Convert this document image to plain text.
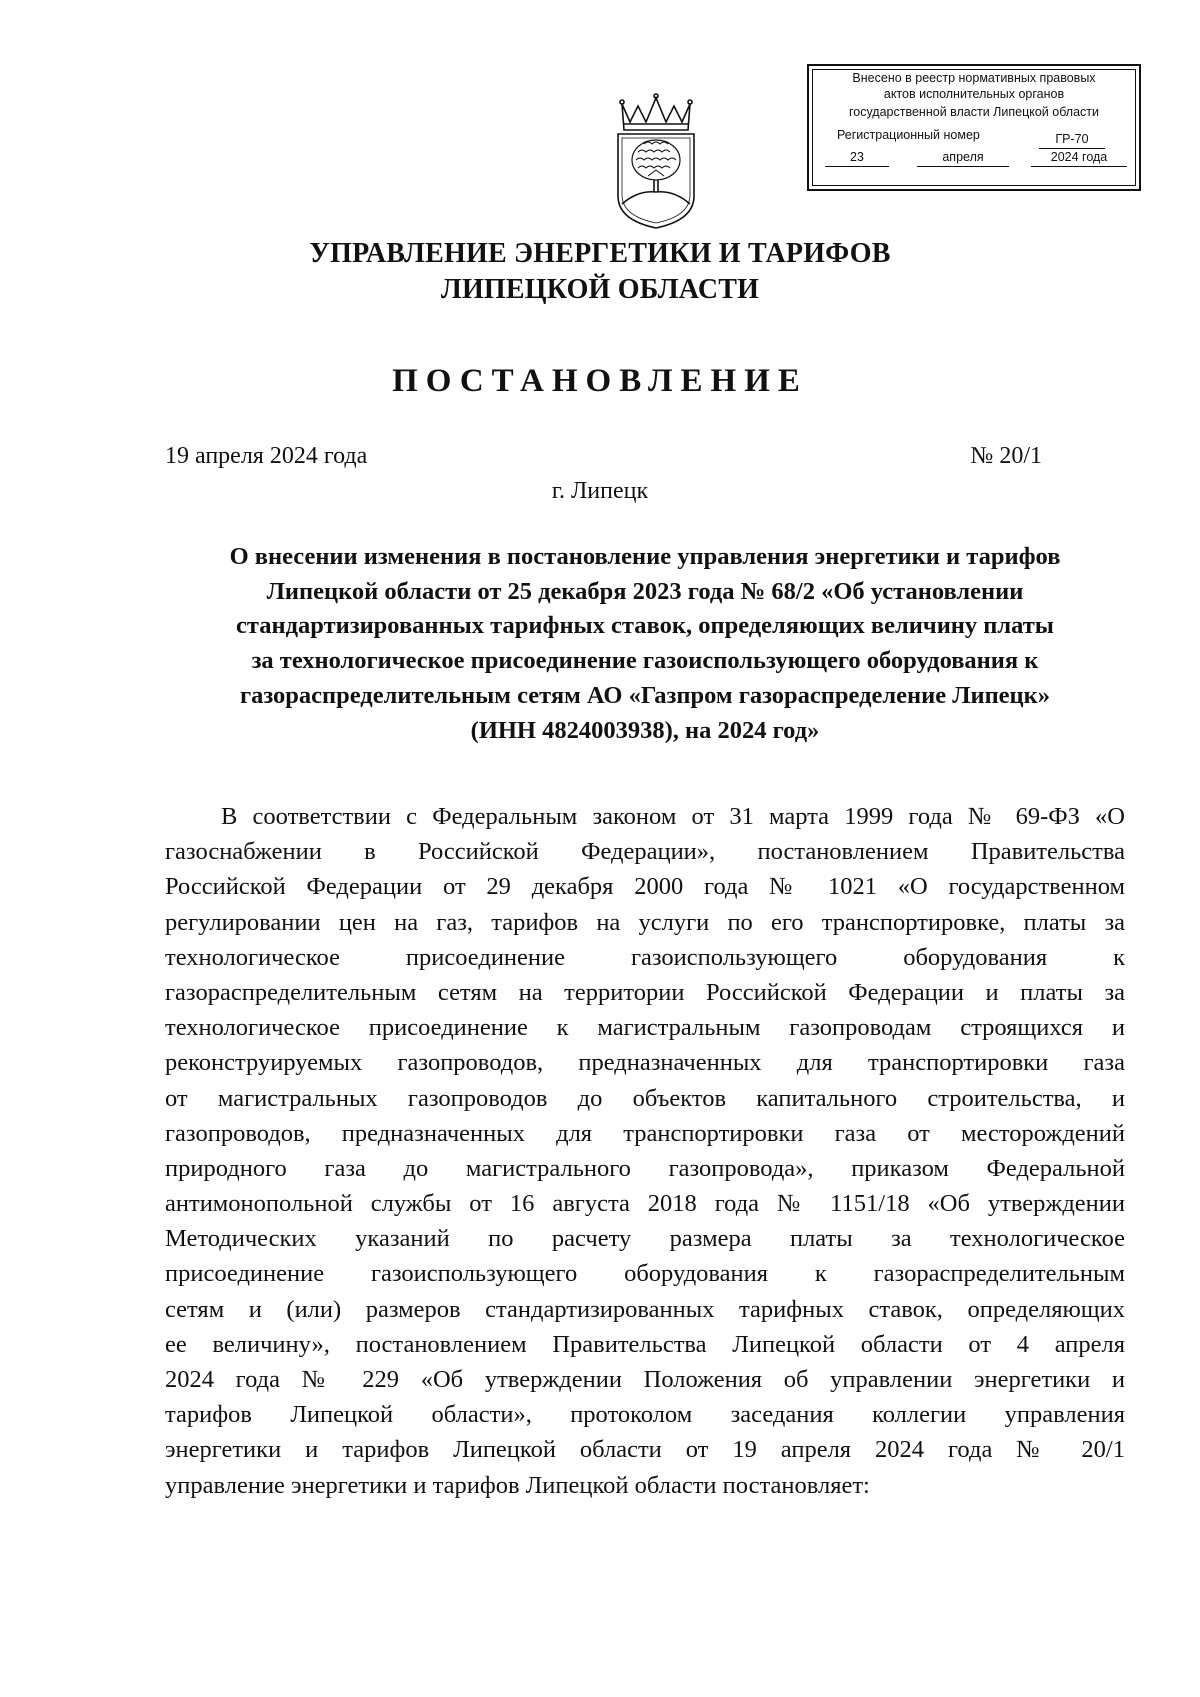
Внесено в реестр нормативных правовых
актов исполнительных органов
государственной власти Липецкой области
Регистрационный номер	ГР-70
23	апреля	2024 года
УПРАВЛЕНИЕ ЭНЕРГЕТИКИ И ТАРИФОВ
ЛИПЕЦКОЙ ОБЛАСТИ
ПОСТАНОВЛЕНИЕ
19 апреля 2024 года	№ 20/1
г. Липецк
О внесении изменения в постановление управления энергетики и тарифов
Липецкой области от 25 декабря 2023 года № 68/2 «Об установлении
стандартизированных тарифных ставок, определяющих величину платы
за технологическое присоединение газоиспользующего оборудования к
газораспределительным сетям АО «Газпром газораспределение Липецк»
(ИНН 4824003938), на 2024 год»
В соответствии с Федеральным законом от 31 марта 1999 года № 69-ФЗ «О
газоснабжении в Российской Федерации», постановлением Правительства
Российской Федерации от 29 декабря 2000 года № 1021 «О государственном
регулировании цен на газ, тарифов на услуги по его транспортировке, платы за
технологическое присоединение газоиспользующего оборудования к
газораспределительным сетям на территории Российской Федерации и платы за
технологическое присоединение к магистральным газопроводам строящихся и
реконструируемых газопроводов, предназначенных для транспортировки газа
от магистральных газопроводов до объектов капитального строительства, и
газопроводов, предназначенных для транспортировки газа от месторождений
природного газа до магистрального газопровода», приказом Федеральной
антимонопольной службы от 16 августа 2018 года № 1151/18 «Об утверждении
Методических указаний по расчету размера платы за технологическое
присоединение газоиспользующего оборудования к газораспределительным
сетям и (или) размеров стандартизированных тарифных ставок, определяющих
ее величину», постановлением Правительства Липецкой области от 4 апреля
2024 года № 229 «Об утверждении Положения об управлении энергетики и
тарифов Липецкой области», протоколом заседания коллегии управления
энергетики и тарифов Липецкой области от 19 апреля 2024 года № 20/1
управление энергетики и тарифов Липецкой области постановляет:
